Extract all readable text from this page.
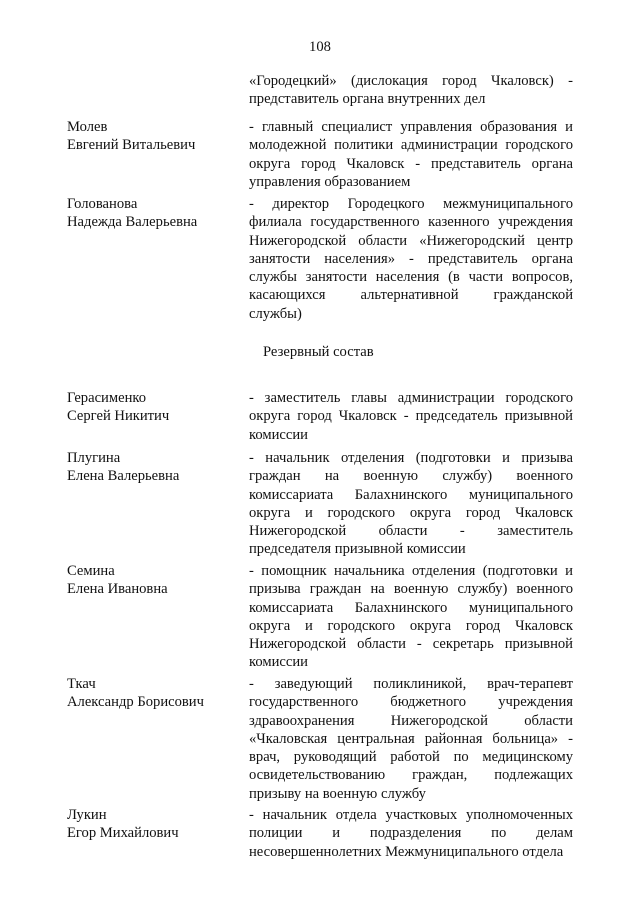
108
«Городецкий» (дислокация город Чкаловск) -
представитель органа внутренних дел
Молев
Евгений Витальевич
- главный специалист управления образования и
молодежной политики администрации городского
округа город Чкаловск - представитель органа
управления образованием
Голованова
Надежда Валерьевна
- директор Городецкого межмуниципального
филиала государственного казенного учреждения
Нижегородской области «Нижегородский центр
занятости населения» - представитель органа
службы занятости населения (в части вопросов,
касающихся альтернативной гражданской
службы)
Резервный состав
Герасименко
Сергей Никитич
- заместитель главы администрации городского
округа город Чкаловск - председатель призывной
комиссии
Плугина
Елена Валерьевна
- начальник отделения (подготовки и призыва
граждан на военную службу) военного
комиссариата Балахнинского муниципального
округа и городского округа город Чкаловск
Нижегородской области - заместитель
председателя призывной комиссии
Семина
Елена Ивановна
- помощник начальника отделения (подготовки и
призыва граждан на военную службу) военного
комиссариата Балахнинского муниципального
округа и городского округа город Чкаловск
Нижегородской области - секретарь призывной
комиссии
Ткач
Александр Борисович
- заведующий поликлиникой, врач-терапевт
государственного бюджетного учреждения
здравоохранения Нижегородской области
«Чкаловская центральная районная больница» -
врач, руководящий работой по медицинскому
освидетельствованию граждан, подлежащих
призыву на военную службу
Лукин
Егор Михайлович
- начальник отдела участковых уполномоченных
полиции и подразделения по делам
несовершеннолетних Межмуниципального отдела
